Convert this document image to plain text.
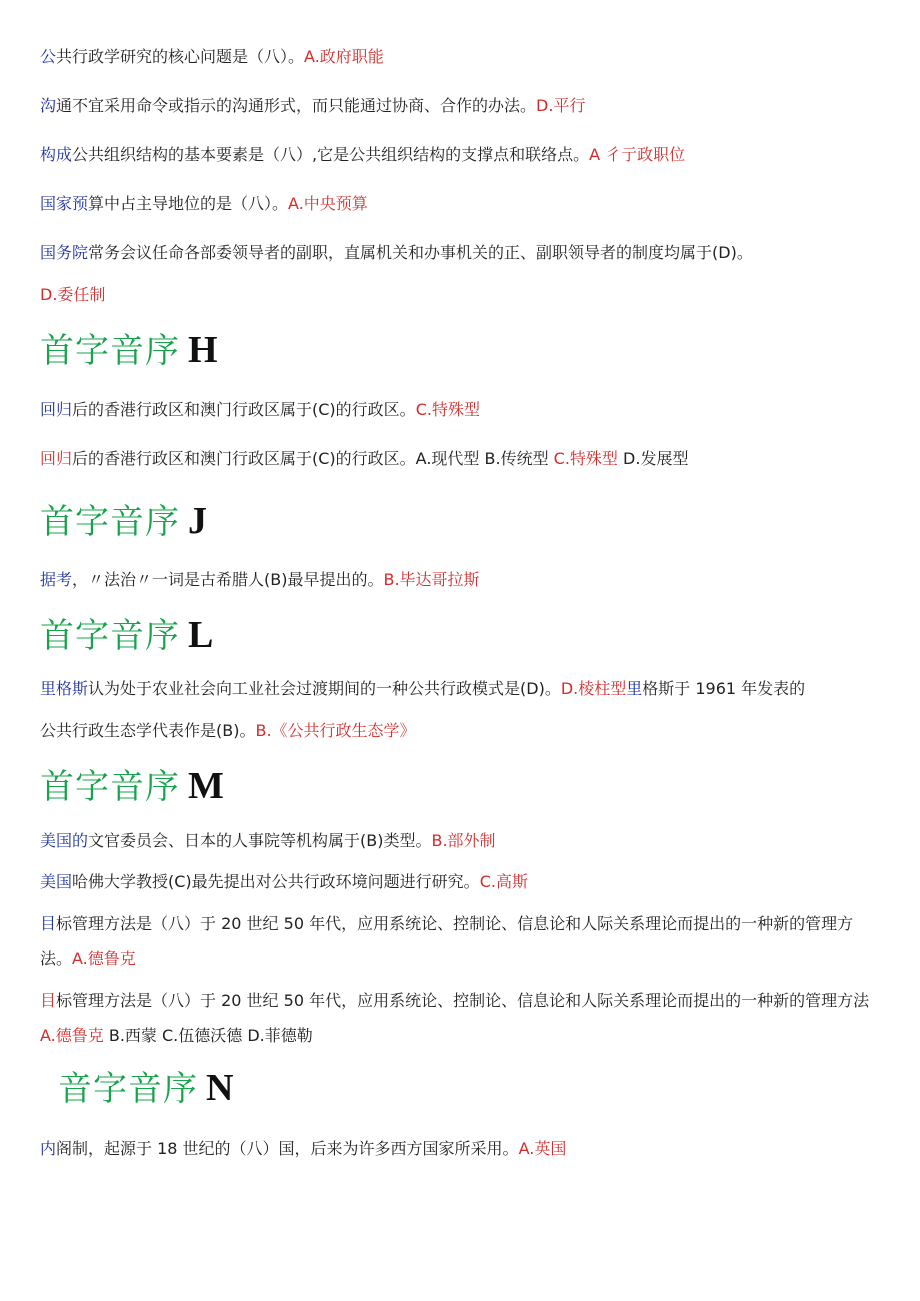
公共行政学研究的核心问题是（八）。A.政府职能
沟通不宜采用命令或指示的沟通形式，而只能通过协商、合作的办法。D.平行
构成公共组织结构的基本要素是（八）,它是公共组织结构的支撑点和联络点。A 彳亍政职位
国家预算中占主导地位的是（八）。A.中央预算
国务院常务会议任命各部委领导者的副职，直属机关和办事机关的正、副职领导者的制度均属于(D)。
D.委任制
首字音序 H
回归后的香港行政区和澳门行政区属于(C)的行政区。C.特殊型
回归后的香港行政区和澳门行政区属于(C)的行政区。A.现代型 B.传统型 C.特殊型 D.发展型
首字音序 J
据考，〃法治〃一词是古希腊人(B)最早提出的。B.毕达哥拉斯
首字音序 L
里格斯认为处于农业社会向工业社会过渡期间的一种公共行政模式是(D)。D.棱柱型里格斯于 1961 年发表的
公共行政生态学代表作是(B)。B.《公共行政生态学》
首字音序 M
美国的文官委员会、日本的人事院等机构属于(B)类型。B.部外制
美国哈佛大学教授(C)最先提出对公共行政环境问题进行研究。C.高斯
目标管理方法是（八）于 20 世纪 50 年代，应用系统论、控制论、信息论和人际关系理论而提出的一种新的管理方法。A.德鲁克
目标管理方法是（八）于 20 世纪 50 年代，应用系统论、控制论、信息论和人际关系理论而提出的一种新的管理方法 A.德鲁克 B.西蒙 C.伍德沃德 D.菲德勒
音字音序 N
内阁制，起源于 18 世纪的（八）国，后来为许多西方国家所采用。A.英国
